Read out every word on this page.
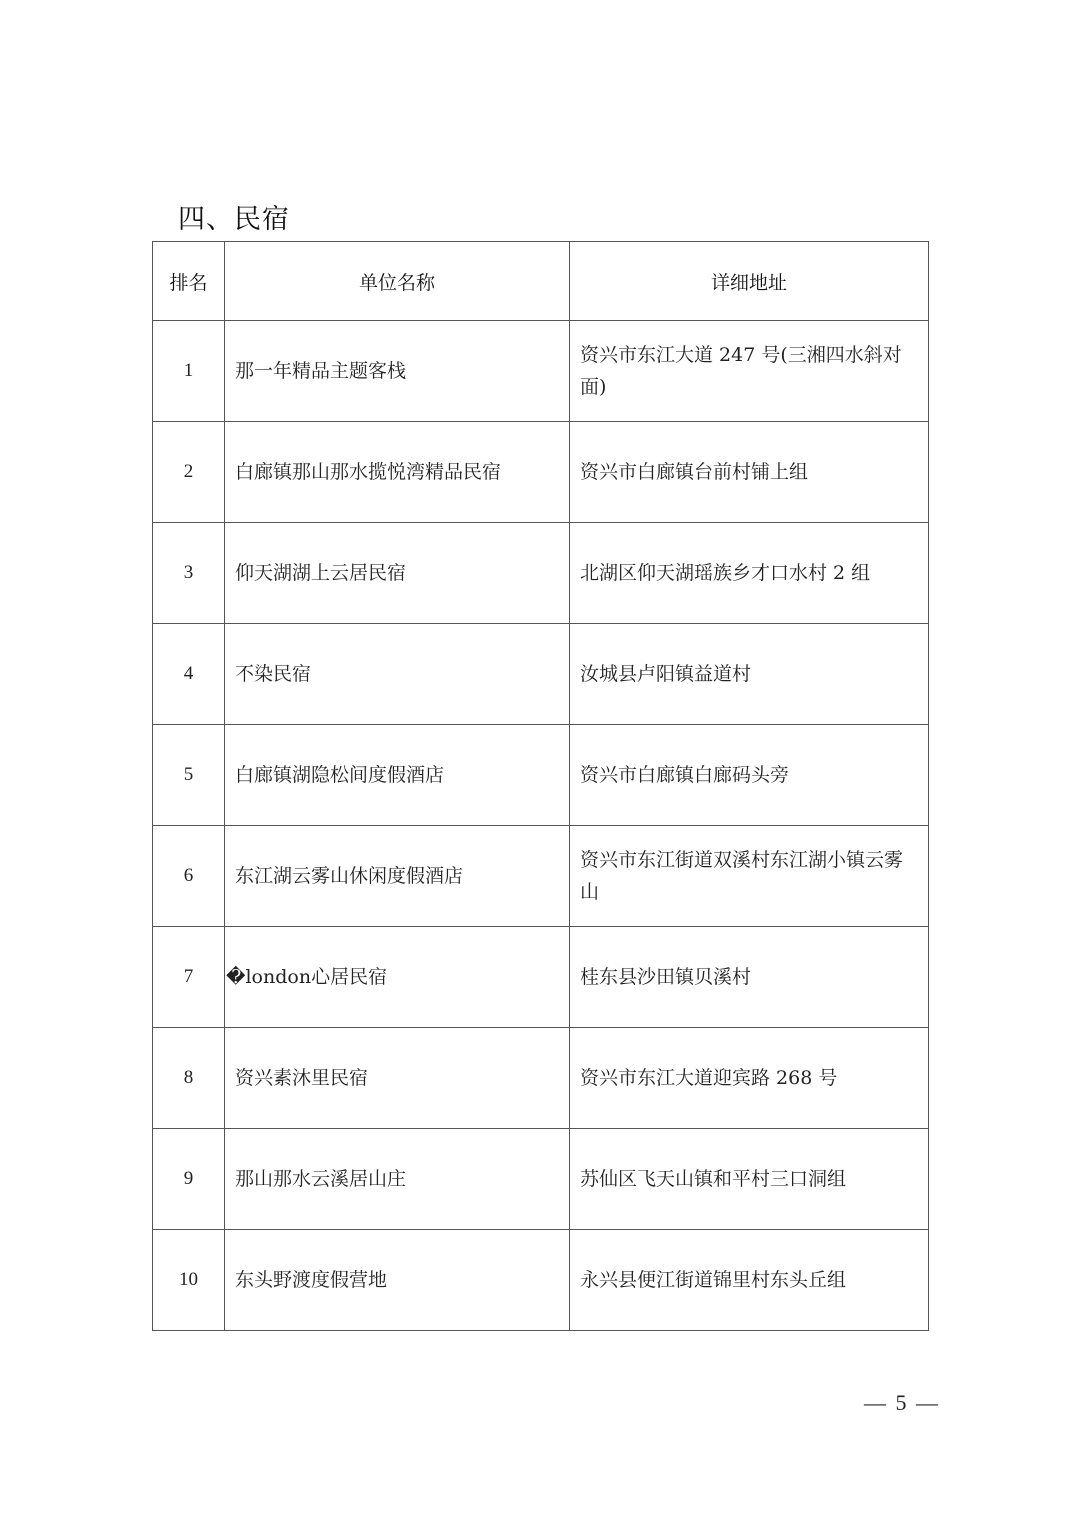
四、民宿
排名	单位名称	详细地址
1	那一年精品主题客栈	资兴市东江大道 247 号(三湘四水斜对面)
2	白廊镇那山那水揽悦湾精品民宿	资兴市白廊镇台前村铺上组
3	仰天湖湖上云居民宿	北湖区仰天湖瑶族乡才口水村 2 组
4	不染民宿	汝城县卢阳镇益道村
5	白廊镇湖隐松间度假酒店	资兴市白廊镇白廊码头旁
6	东江湖云雾山休闲度假酒店	资兴市东江街道双溪村东江湖小镇云雾山
7	�london心居民宿	桂东县沙田镇贝溪村
8	资兴素沐里民宿	资兴市东江大道迎宾路 268 号
9	那山那水云溪居山庄	苏仙区飞天山镇和平村三口洞组
10	东头野渡度假营地	永兴县便江街道锦里村东头丘组
— 5 —
